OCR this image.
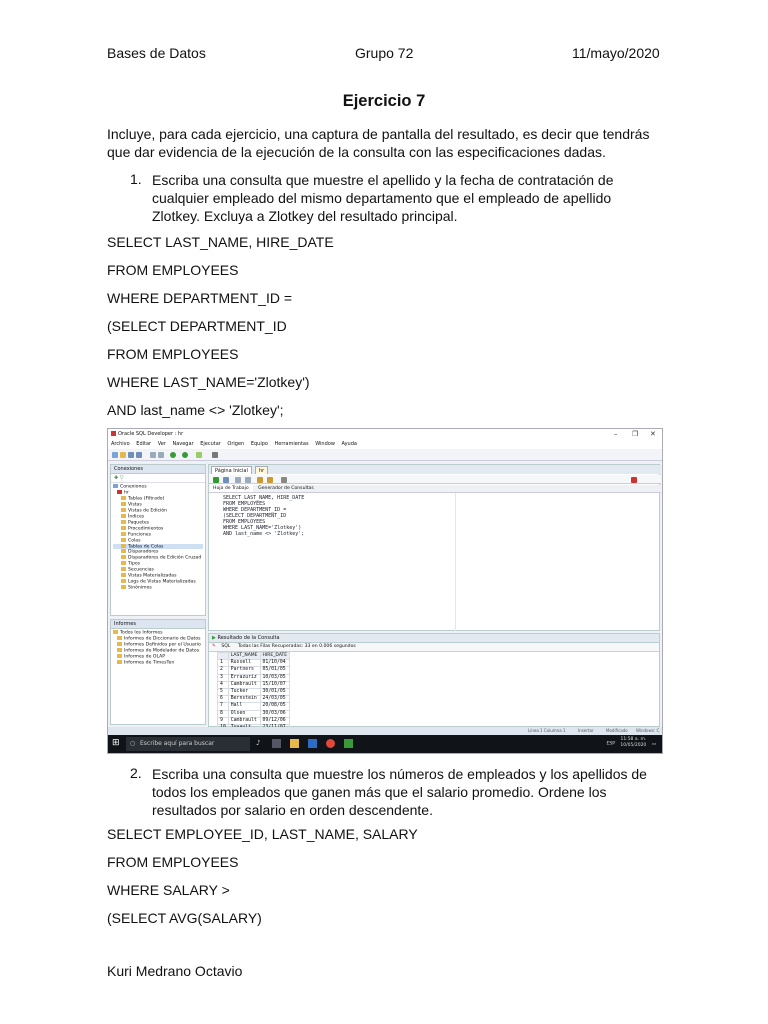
Bases de Datos	Grupo 72	11/mayo/2020
Ejercicio 7
Incluye, para cada ejercicio, una captura de pantalla del resultado, es decir que tendrás que dar evidencia de la ejecución de la consulta con las especificaciones dadas.
1. Escriba una consulta que muestre el apellido y la fecha de contratación de cualquier empleado del mismo departamento que el empleado de apellido Zlotkey. Excluya a Zlotkey del resultado principal.
SELECT LAST_NAME, HIRE_DATE
FROM EMPLOYEES
WHERE DEPARTMENT_ID =
(SELECT DEPARTMENT_ID
FROM EMPLOYEES
WHERE LAST_NAME='Zlotkey')
AND last_name <> 'Zlotkey';
Oracle SQL Developer : hr	– ❐ ✕
Archivo Editar Ver Navegar Ejecutar Origen Equipo Herramientas Window Ayuda
Conexiones
✚ ▽
Conexiones
hr
Tablas (Filtrado)
Vistas
Vistas de Edición
Índices
Paquetes
Procedimientos
Funciones
Colas
Tablas de Colas
Disparadores
Disparadores de Edición Cruzad
Tipos
Secuencias
Vistas Materializadas
Logs de Vistas Materializadas
Sinónimos
Informes
Todos los Informes
Informes de Diccionario de Datos
Informes Definidos por el Usuario
Informes de Modelador de Datos
Informes de OLAP
Informes de TimesTen
Página Inicial	hr
Hoja de Trabajo Generador de Consultas
SELECT LAST_NAME, HIRE_DATE
FROM EMPLOYEES
WHERE DEPARTMENT_ID =
(SELECT DEPARTMENT_ID
FROM EMPLOYEES
WHERE LAST_NAME='Zlotkey')
AND last_name <> 'Zlotkey';
▶ Resultado de la Consulta
✎ SQL Todas las Filas Recuperadas: 33 en 0.006 segundos
	LAST_NAME	HIRE_DATE
1	Russell	01/10/04
2	Partners	05/01/05
3	Errazuriz	10/03/05
4	Cambrault	15/10/07
5	Tucker	30/01/05
6	Bernstein	24/03/05
7	Hall	20/08/05
8	Olsen	30/03/06
9	Cambrault	09/12/06

Línea 1 Columna 1	Insertar	Modificado Windows: C
⊞ ○ Escribe aquí para buscar	♪	ESP
11:58 a. m.
10/05/2020 ▭
2. Escriba una consulta que muestre los números de empleados y los apellidos de todos los empleados que ganen más que el salario promedio. Ordene los resultados por salario en orden descendente.
SELECT EMPLOYEE_ID, LAST_NAME, SALARY
FROM EMPLOYEES
WHERE SALARY >
(SELECT AVG(SALARY)
Kuri Medrano Octavio
